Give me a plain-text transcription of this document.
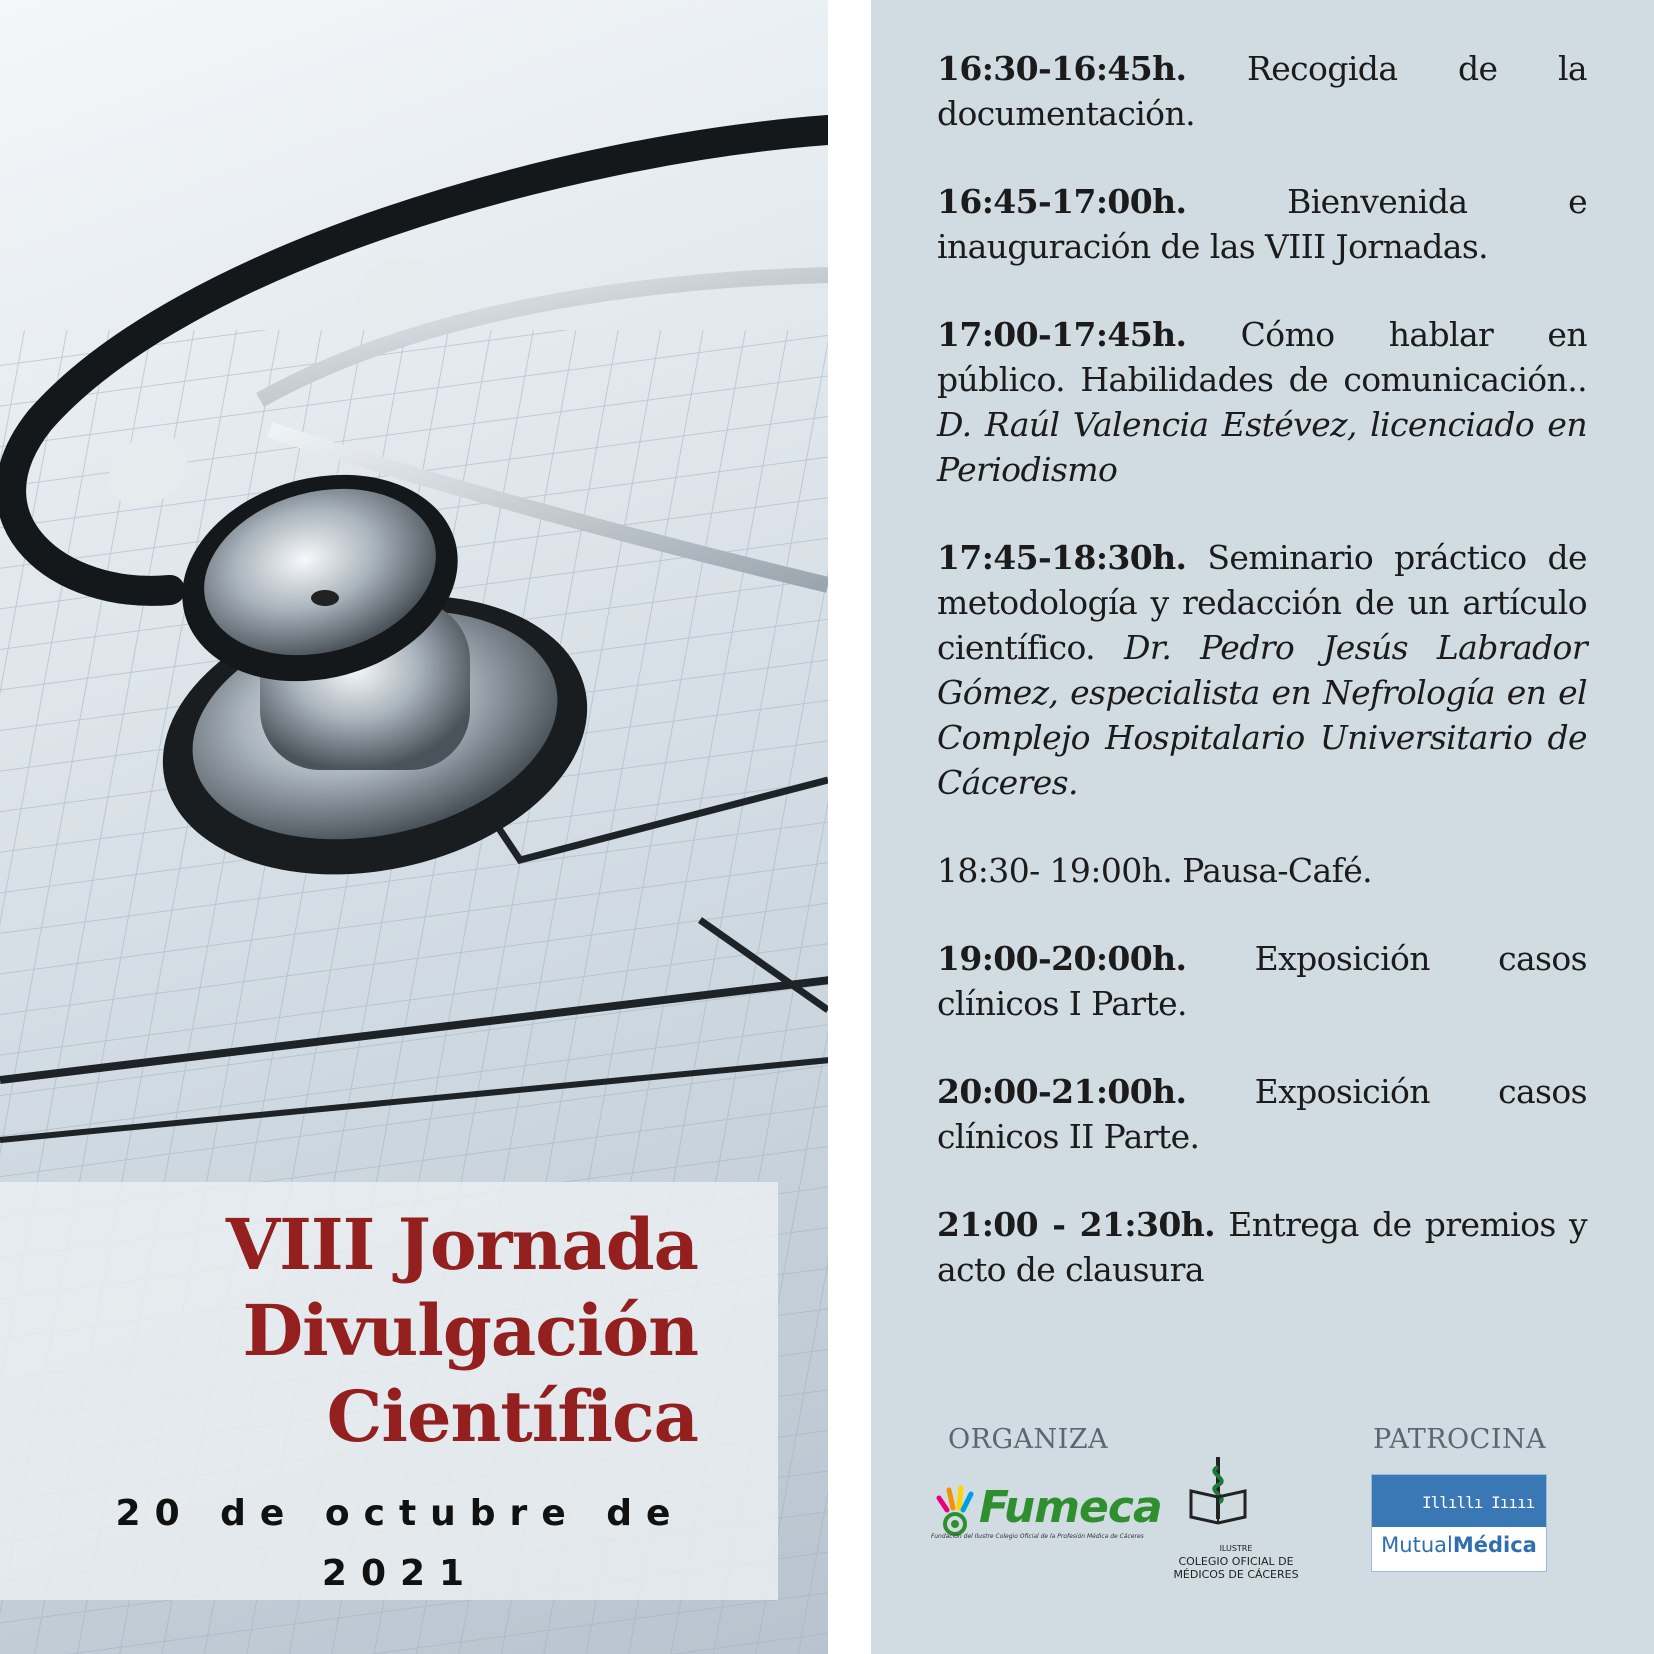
VIII Jornada
Divulgación
Científica
20 de octubre de
2021

16:30-16:45h. Recogida de la documentación.

16:45-17:00h. Bienvenida e inauguración de las VIII Jornadas.

17:00-17:45h. Cómo hablar en público. Habilidades de comunicación.. D. Raúl Valencia Estévez, licenciado en Periodismo

17:45-18:30h. Seminario práctico de metodología y redacción de un artículo científico. Dr. Pedro Jesús Labrador Gómez, especialista en Nefrología en el Complejo Hospitalario Universitario de Cáceres.

18:30- 19:00h. Pausa-Café.

19:00-20:00h. Exposición casos clínicos I Parte.

20:00-21:00h. Exposición casos clínicos II Parte.

21:00 - 21:30h. Entrega de premios y acto de clausura

ORGANIZA	PATROCINA
Fumeca
Fundación del Ilustre Colegio Oficial de la Profesión Médica de Cáceres
ILUSTRE
COLEGIO OFICIAL DE
MÉDICOS DE CÁCERES
Illıllı Iıııı
MutualMédica
